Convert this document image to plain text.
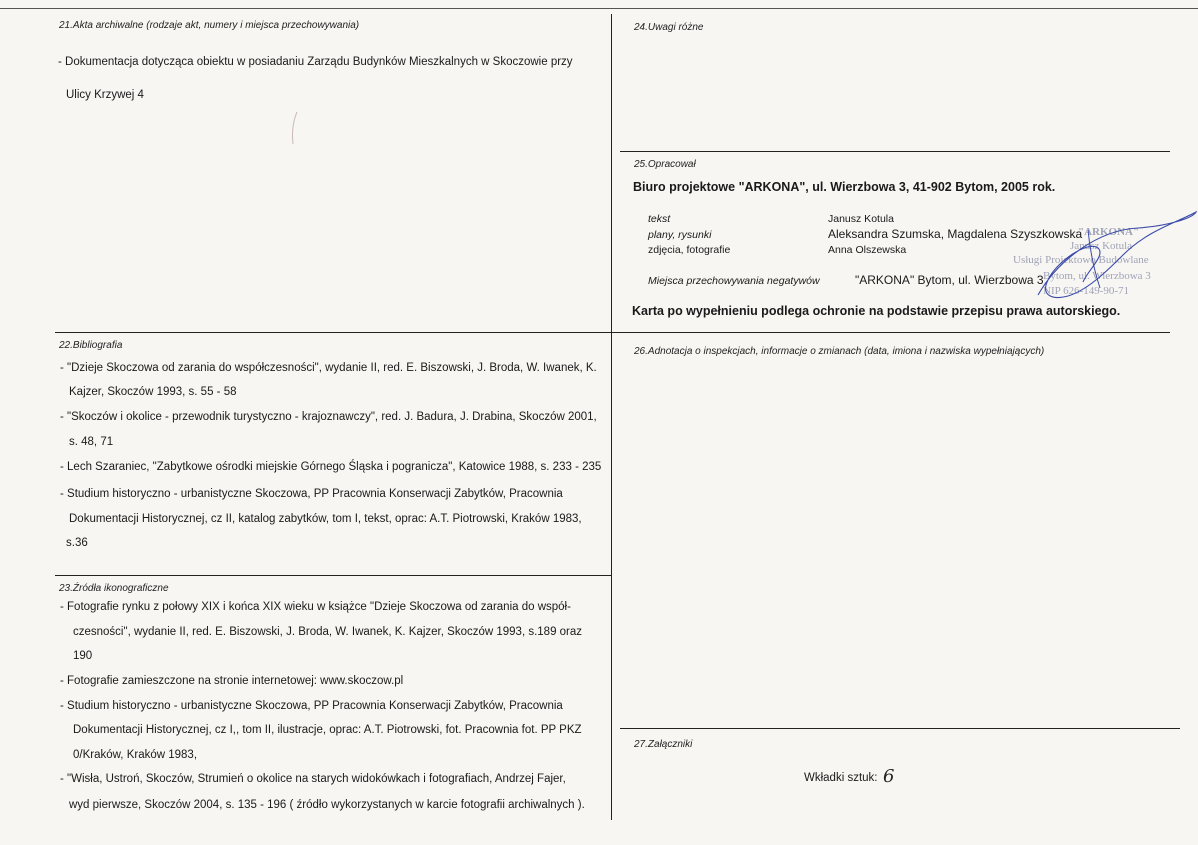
21.Akta archiwalne (rodzaje akt, numery i miejsca przechowywania)
- Dokumentacja dotycząca obiektu w posiadaniu Zarządu Budynków Mieszkalnych w Skoczowie przy
Ulicy Krzywej 4
22.Bibliografia
- "Dzieje Skoczowa od zarania do współczesności", wydanie II, red. E. Biszowski, J. Broda, W. Iwanek, K.
Kajzer, Skoczów 1993, s. 55 - 58
- "Skoczów i okolice - przewodnik turystyczno - krajoznawczy", red. J. Badura, J. Drabina, Skoczów 2001,
s. 48, 71
- Lech Szaraniec, "Zabytkowe ośrodki miejskie Górnego Śląska i pogranicza", Katowice 1988, s. 233 - 235
- Studium historyczno - urbanistyczne Skoczowa, PP Pracownia Konserwacji Zabytków, Pracownia
Dokumentacji Historycznej, cz II, katalog zabytków, tom I, tekst, oprac: A.T. Piotrowski, Kraków 1983,
s.36
23.Źródła ikonograficzne
- Fotografie rynku z połowy XIX i końca XIX wieku w książce "Dzieje Skoczowa od zarania do współ-
czesności", wydanie II, red. E. Biszowski, J. Broda, W. Iwanek, K. Kajzer, Skoczów 1993, s.189 oraz
190
- Fotografie zamieszczone na stronie internetowej: www.skoczow.pl
- Studium historyczno - urbanistyczne Skoczowa, PP Pracownia Konserwacji Zabytków, Pracownia
Dokumentacji Historycznej, cz I,, tom II, ilustracje, oprac: A.T. Piotrowski, fot. Pracownia fot. PP PKZ
0/Kraków, Kraków 1983,
- "Wisła, Ustroń, Skoczów, Strumień o okolice na starych widokówkach i fotografiach, Andrzej Fajer,
wyd pierwsze, Skoczów 2004, s. 135 - 196 ( źródło wykorzystanych w karcie fotografii archiwalnych ).
24.Uwagi różne
25.Opracował
Biuro projektowe "ARKONA", ul. Wierzbowa 3, 41-902 Bytom, 2005 rok.
tekst	Janusz Kotula
plany, rysunki	Aleksandra Szumska, Magdalena Szyszkowska
zdjęcia, fotografie	Anna Olszewska
Miejsca przechowywania negatywów	"ARKONA" Bytom, ul. Wierzbowa 3
"ARKONA"
Janusz Kotula
Usługi Projektowo Budowlane
Bytom, ul. Wierzbowa 3
NIP 626-149-90-71
Karta po wypełnieniu podlega ochronie na podstawie przepisu prawa autorskiego.
26.Adnotacja o inspekcjach, informacje o zmianach (data, imiona i nazwiska wypełniających)
27.Załączniki
Wkładki sztuk: 6
